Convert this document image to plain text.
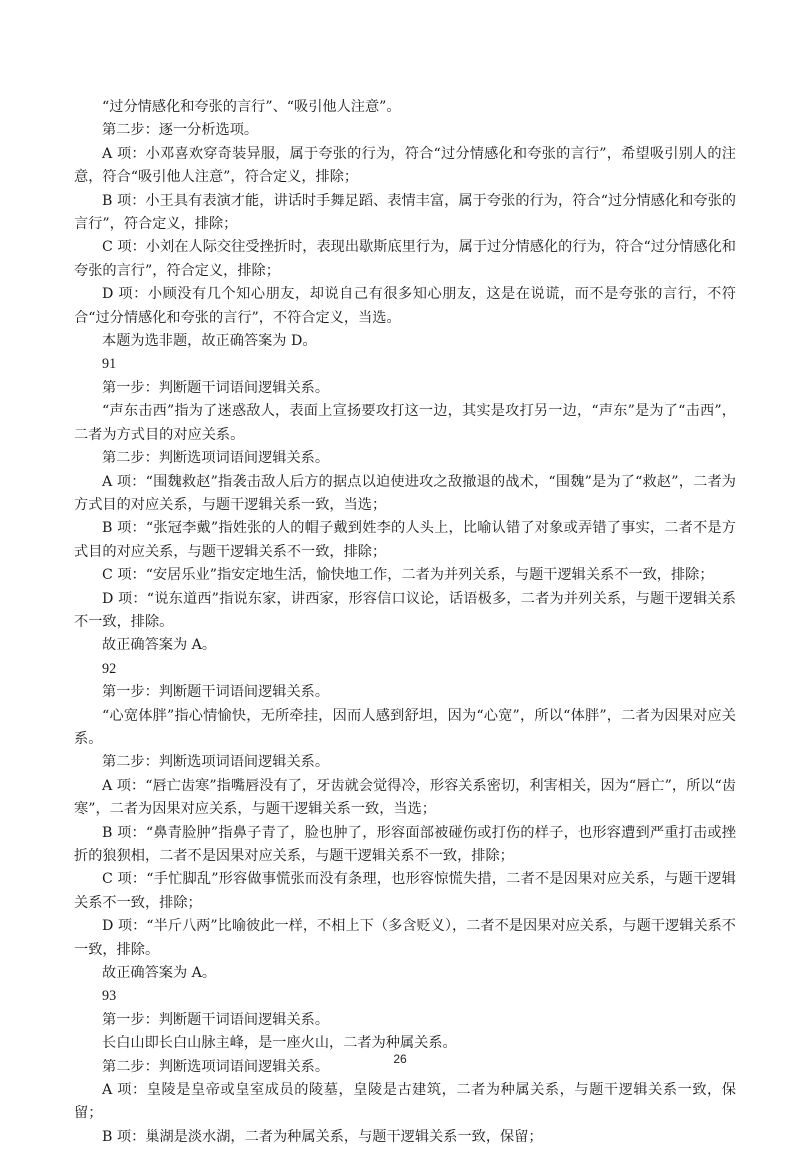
“过分情感化和夸张的言行”、“吸引他人注意”。

第二步：逐一分析选项。

A 项：小邓喜欢穿奇装异服，属于夸张的行为，符合“过分情感化和夸张的言行”，希望吸引别人的注意，符合“吸引他人注意”，符合定义，排除；

B 项：小王具有表演才能，讲话时手舞足蹈、表情丰富，属于夸张的行为，符合“过分情感化和夸张的言行”，符合定义，排除；

C 项：小刘在人际交往受挫折时，表现出歇斯底里行为，属于过分情感化的行为，符合“过分情感化和夸张的言行”，符合定义，排除；

D 项：小顾没有几个知心朋友，却说自己有很多知心朋友，这是在说谎，而不是夸张的言行，不符合“过分情感化和夸张的言行”，不符合定义，当选。

本题为选非题，故正确答案为 D。

91

第一步：判断题干词语间逻辑关系。

“声东击西”指为了迷惑敌人，表面上宣扬要攻打这一边，其实是攻打另一边，“声东”是为了“击西”，二者为方式目的对应关系。

第二步：判断选项词语间逻辑关系。

A 项：“围魏救赵”指袭击敌人后方的据点以迫使进攻之敌撤退的战术，“围魏”是为了“救赵”，二者为方式目的对应关系，与题干逻辑关系一致，当选；

B 项：“张冠李戴”指姓张的人的帽子戴到姓李的人头上，比喻认错了对象或弄错了事实，二者不是方式目的对应关系，与题干逻辑关系不一致，排除；

C 项：“安居乐业”指安定地生活，愉快地工作，二者为并列关系，与题干逻辑关系不一致，排除；

D 项：“说东道西”指说东家，讲西家，形容信口议论，话语极多，二者为并列关系，与题干逻辑关系不一致，排除。

故正确答案为 A。

92

第一步：判断题干词语间逻辑关系。

“心宽体胖”指心情愉快，无所牵挂，因而人感到舒坦，因为“心宽”，所以“体胖”，二者为因果对应关系。

第二步：判断选项词语间逻辑关系。

A 项：“唇亡齿寒”指嘴唇没有了，牙齿就会觉得冷，形容关系密切，利害相关，因为“唇亡”，所以“齿寒”，二者为因果对应关系，与题干逻辑关系一致，当选；

B 项：“鼻青脸肿”指鼻子青了，脸也肿了，形容面部被碰伤或打伤的样子，也形容遭到严重打击或挫折的狼狈相，二者不是因果对应关系，与题干逻辑关系不一致，排除；

C 项：“手忙脚乱”形容做事慌张而没有条理，也形容惊慌失措，二者不是因果对应关系，与题干逻辑关系不一致，排除；

D 项：“半斤八两”比喻彼此一样，不相上下（多含贬义），二者不是因果对应关系，与题干逻辑关系不一致，排除。

故正确答案为 A。

93

第一步：判断题干词语间逻辑关系。

长白山即长白山脉主峰，是一座火山，二者为种属关系。

第二步：判断选项词语间逻辑关系。

A 项：皇陵是皇帝或皇室成员的陵墓，皇陵是古建筑，二者为种属关系，与题干逻辑关系一致，保留；

B 项：巢湖是淡水湖，二者为种属关系，与题干逻辑关系一致，保留；

26
